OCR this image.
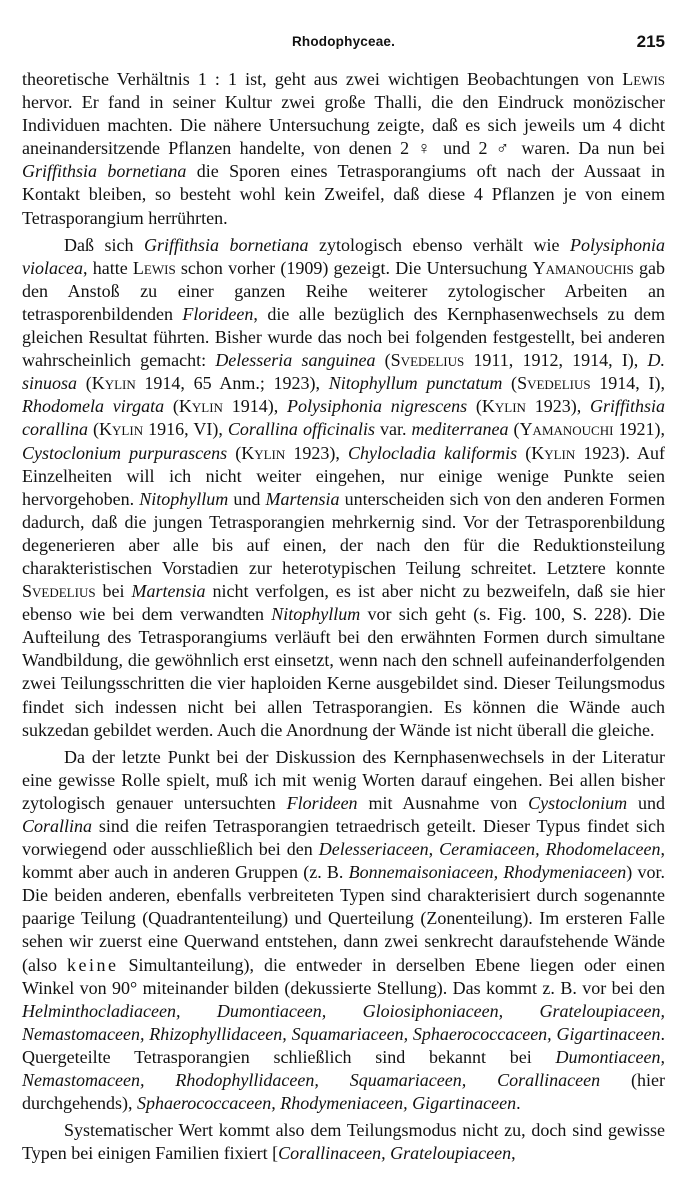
Rhodophyceae.	215

theoretische Verhältnis 1 : 1 ist, geht aus zwei wichtigen Beobachtungen von Lewis hervor. Er fand in seiner Kultur zwei große Thalli, die den Eindruck monözischer Individuen machten. Die nähere Untersuchung zeigte, daß es sich jeweils um 4 dicht aneinandersitzende Pflanzen handelte, von denen 2 ♀ und 2 ♂ waren. Da nun bei Griffithsia bornetiana die Sporen eines Tetrasporangiums oft nach der Aussaat in Kontakt bleiben, so besteht wohl kein Zweifel, daß diese 4 Pflanzen je von einem Tetrasporangium herrührten.

Daß sich Griffithsia bornetiana zytologisch ebenso verhält wie Polysiphonia violacea, hatte Lewis schon vorher (1909) gezeigt. Die Untersuchung Yamanouchis gab den Anstoß zu einer ganzen Reihe weiterer zytologischer Arbeiten an tetrasporenbildenden Florideen, die alle bezüglich des Kernphasenwechsels zu dem gleichen Resultat führten. Bisher wurde das noch bei folgenden festgestellt, bei anderen wahrscheinlich gemacht: Delesseria sanguinea (Svedelius 1911, 1912, 1914, I), D. sinuosa (Kylin 1914, 65 Anm.; 1923), Nitophyllum punctatum (Svedelius 1914, I), Rhodomela virgata (Kylin 1914), Polysiphonia nigrescens (Kylin 1923), Griffithsia corallina (Kylin 1916, VI), Corallina officinalis var. mediterranea (Yamanouchi 1921), Cystoclonium purpurascens (Kylin 1923), Chylocladia kaliformis (Kylin 1923). Auf Einzelheiten will ich nicht weiter eingehen, nur einige wenige Punkte seien hervorgehoben. Nitophyllum und Martensia unterscheiden sich von den anderen Formen dadurch, daß die jungen Tetrasporangien mehrkernig sind. Vor der Tetrasporenbildung degenerieren aber alle bis auf einen, der nach den für die Reduktionsteilung charakteristischen Vorstadien zur heterotypischen Teilung schreitet. Letztere konnte Svedelius bei Martensia nicht verfolgen, es ist aber nicht zu bezweifeln, daß sie hier ebenso wie bei dem verwandten Nitophyllum vor sich geht (s. Fig. 100, S. 228). Die Aufteilung des Tetrasporangiums verläuft bei den erwähnten Formen durch simultane Wandbildung, die gewöhnlich erst einsetzt, wenn nach den schnell aufeinanderfolgenden zwei Teilungsschritten die vier haploiden Kerne ausgebildet sind. Dieser Teilungsmodus findet sich indessen nicht bei allen Tetrasporangien. Es können die Wände auch sukzedan gebildet werden. Auch die Anordnung der Wände ist nicht überall die gleiche.

Da der letzte Punkt bei der Diskussion des Kernphasenwechsels in der Literatur eine gewisse Rolle spielt, muß ich mit wenig Worten darauf eingehen. Bei allen bisher zytologisch genauer untersuchten Florideen mit Ausnahme von Cystoclonium und Corallina sind die reifen Tetrasporangien tetraedrisch geteilt. Dieser Typus findet sich vorwiegend oder ausschließlich bei den Delesseriaceen, Ceramiaceen, Rhodomelaceen, kommt aber auch in anderen Gruppen (z. B. Bonnemaisoniaceen, Rhodymeniaceen) vor. Die beiden anderen, ebenfalls verbreiteten Typen sind charakterisiert durch sogenannte paarige Teilung (Quadrantenteilung) und Querteilung (Zonenteilung). Im ersteren Falle sehen wir zuerst eine Querwand entstehen, dann zwei senkrecht daraufstehende Wände (also keine Simultanteilung), die entweder in derselben Ebene liegen oder einen Winkel von 90° miteinander bilden (dekussierte Stellung). Das kommt z. B. vor bei den Helminthocladiaceen, Dumontiaceen, Gloiosiphoniaceen, Grateloupiaceen, Nemastomaceen, Rhizophyllidaceen, Squamariaceen, Sphaerococcaceen, Gigartinaceen. Quergeteilte Tetrasporangien schließlich sind bekannt bei Dumontiaceen, Nemastomaceen, Rhodophyllidaceen, Squamariaceen, Corallinaceen (hier durchgehends), Sphaerococcaceen, Rhodymeniaceen, Gigartinaceen.

Systematischer Wert kommt also dem Teilungsmodus nicht zu, doch sind gewisse Typen bei einigen Familien fixiert [Corallinaceen, Grateloupiaceen,
